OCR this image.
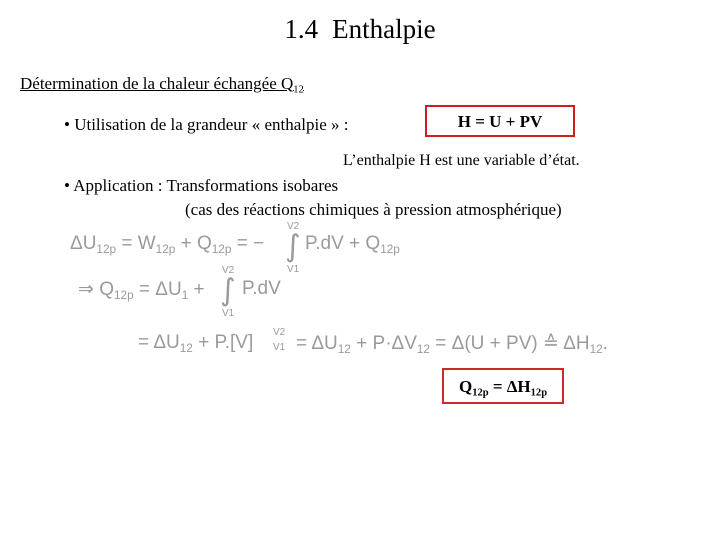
1.4 Enthalpie
Détermination de la chaleur échangée $Q_{12}$
• Utilisation de la grandeur « enthalpie » :	H = U + PV
L’enthalpie H est une variable d’état.
• Application : Transformations isobares
(cas des réactions chimiques à pression atmosphérique)
$\Delta U_{12p} = W_{12p} + Q_{12p}$ = −
V2
∫
V1
$P.dV + Q_{12p}$
⇒ $Q_{12p} = \Delta U_1$ +
V2
∫
V1
P.dV
= $\Delta U_{12} + P.[V]$ V2
$V1 = \Delta U_{12} + P\cdot\Delta V_{12} = \Delta(U + PV)$ ≙ $\Delta H_{12}$.
$Q_{12p} = \Delta H_{12p}$
